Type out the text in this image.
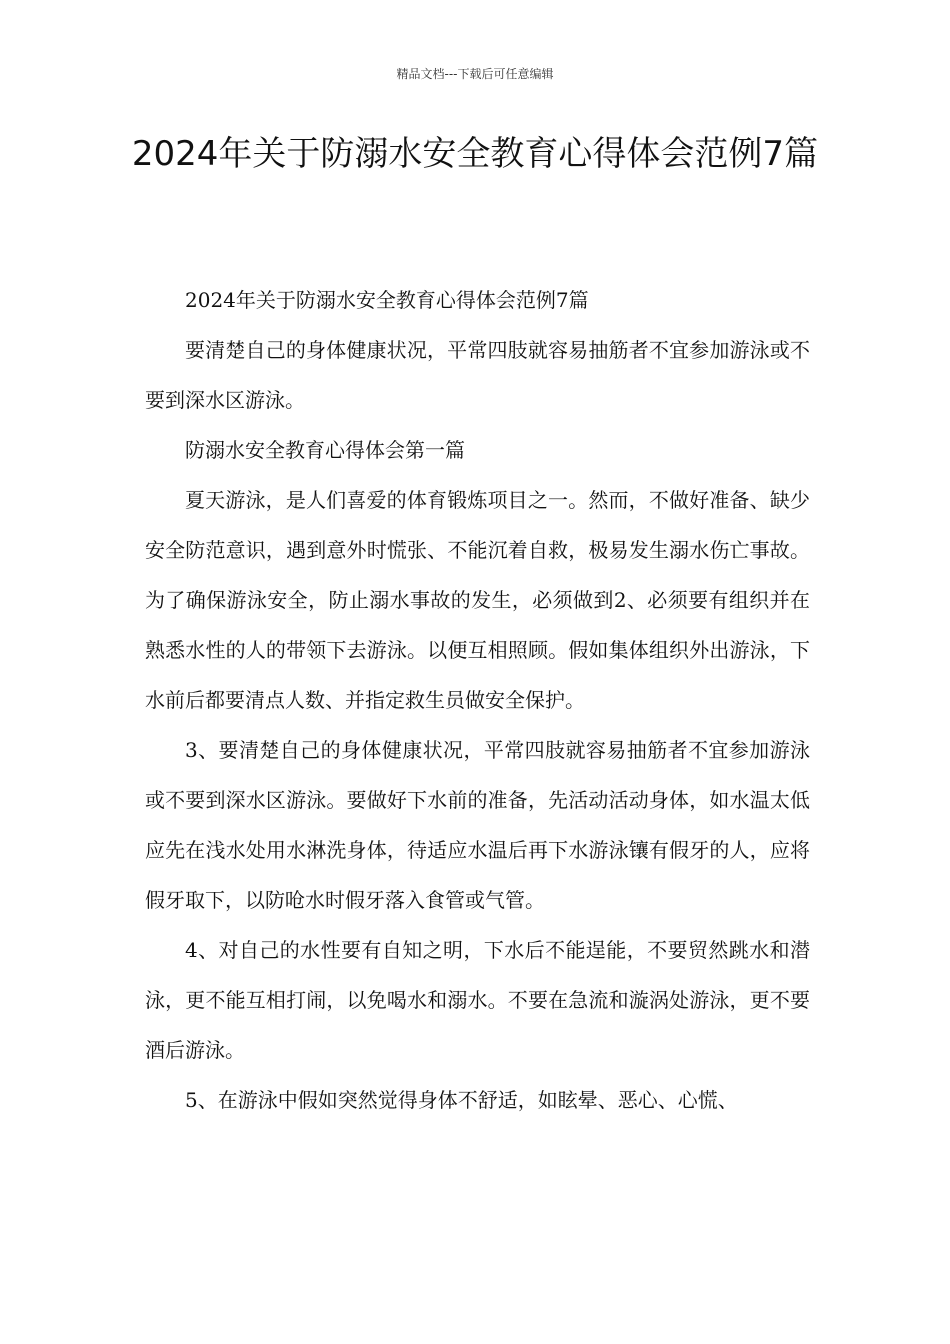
精品文档---下载后可任意编辑
2024年关于防溺水安全教育心得体会范例7篇

2024年关于防溺水安全教育心得体会范例7篇

要清楚自己的身体健康状况，平常四肢就容易抽筋者不宜参加游泳或不要到深水区游泳。

防溺水安全教育心得体会第一篇

夏天游泳，是人们喜爱的体育锻炼项目之一。然而，不做好准备、缺少安全防范意识，遇到意外时慌张、不能沉着自救，极易发生溺水伤亡事故。为了确保游泳安全，防止溺水事故的发生，必须做到2、必须要有组织并在熟悉水性的人的带领下去游泳。以便互相照顾。假如集体组织外出游泳，下水前后都要清点人数、并指定救生员做安全保护。

3、要清楚自己的身体健康状况，平常四肢就容易抽筋者不宜参加游泳或不要到深水区游泳。要做好下水前的准备，先活动活动身体，如水温太低应先在浅水处用水淋洗身体，待适应水温后再下水游泳镶有假牙的人，应将假牙取下，以防呛水时假牙落入食管或气管。

4、对自己的水性要有自知之明，下水后不能逞能，不要贸然跳水和潜泳，更不能互相打闹，以免喝水和溺水。不要在急流和漩涡处游泳，更不要酒后游泳。

5、在游泳中假如突然觉得身体不舒适，如眩晕、恶心、心慌、
